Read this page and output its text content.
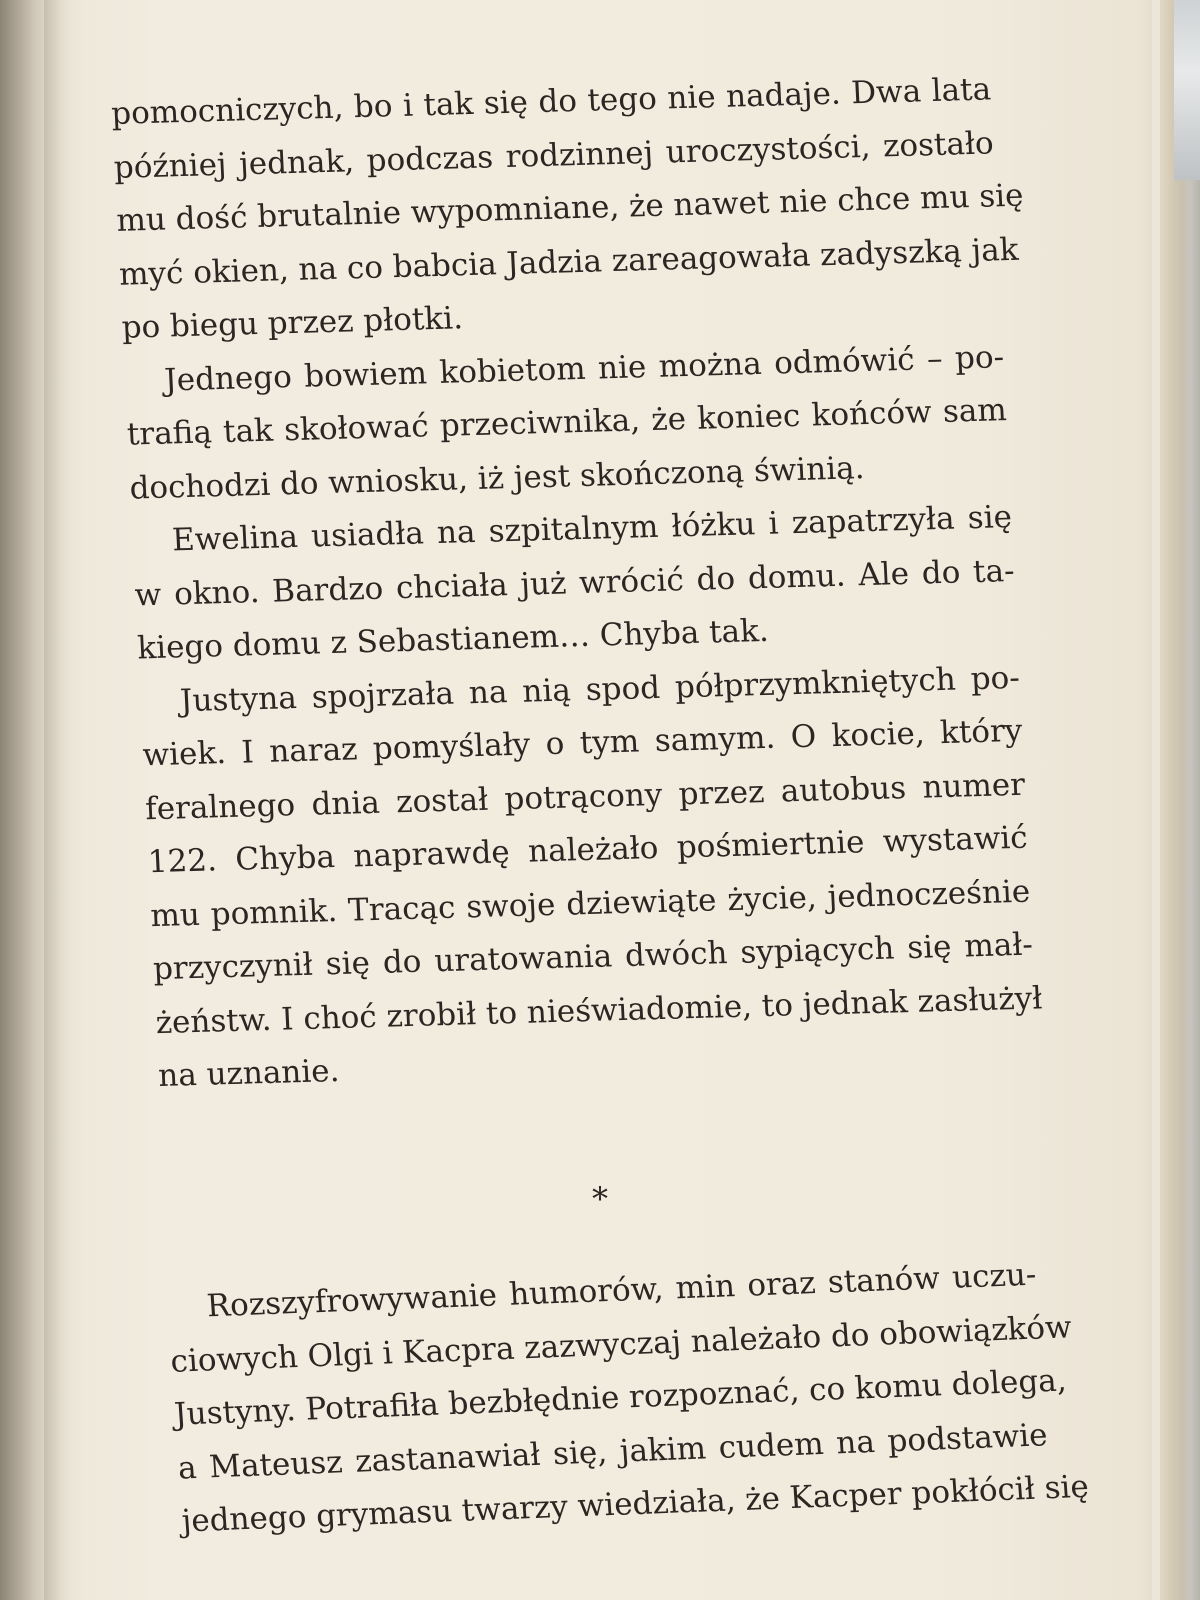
pomocniczych, bo i tak się do tego nie nadaje. Dwa lata
później jednak, podczas rodzinnej uroczystości, zostało
mu dość brutalnie wypomniane, że nawet nie chce mu się
myć okien, na co babcia Jadzia zareagowała zadyszką jak
po biegu przez płotki.
Jednego bowiem kobietom nie można odmówić – po-
trafią tak skołować przeciwnika, że koniec końców sam
dochodzi do wniosku, iż jest skończoną świnią.
Ewelina usiadła na szpitalnym łóżku i zapatrzyła się
w okno. Bardzo chciała już wrócić do domu. Ale do ta-
kiego domu z Sebastianem… Chyba tak.
Justyna spojrzała na nią spod półprzymkniętych po-
wiek. I naraz pomyślały o tym samym. O kocie, który
feralnego dnia został potrącony przez autobus numer
122. Chyba naprawdę należało pośmiertnie wystawić
mu pomnik. Tracąc swoje dziewiąte życie, jednocześnie
przyczynił się do uratowania dwóch sypiących się mał-
żeństw. I choć zrobił to nieświadomie, to jednak zasłużył
na uznanie.
*
Rozszyfrowywanie humorów, min oraz stanów uczu-
ciowych Olgi i Kacpra zazwyczaj należało do obowiązków
Justyny. Potrafiła bezbłędnie rozpoznać, co komu dolega,
a Mateusz zastanawiał się, jakim cudem na podstawie
jednego grymasu twarzy wiedziała, że Kacper pokłócił się
